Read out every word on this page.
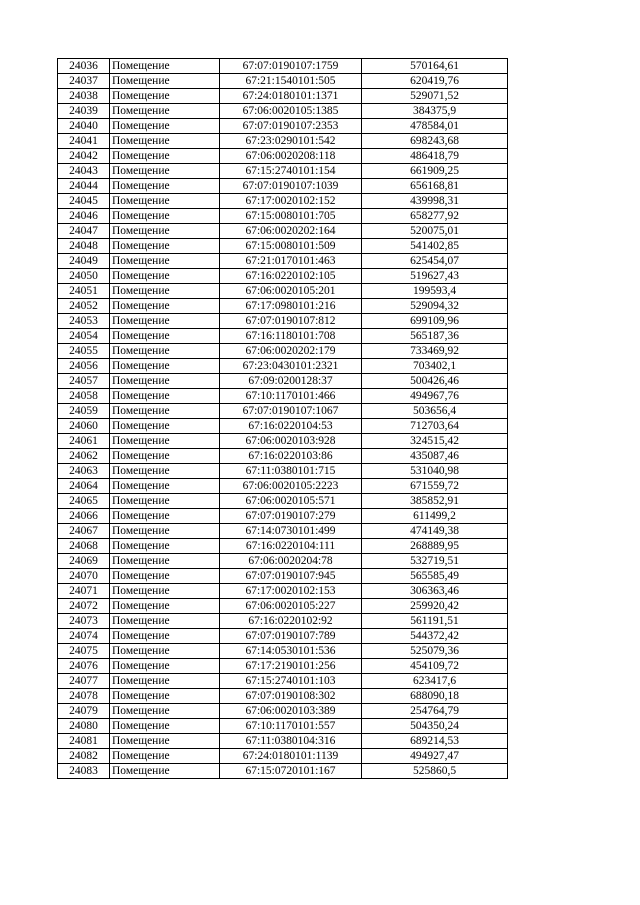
24036	Помещение	67:07:0190107:1759	570164,61
24037	Помещение	67:21:1540101:505	620419,76
24038	Помещение	67:24:0180101:1371	529071,52
24039	Помещение	67:06:0020105:1385	384375,9
24040	Помещение	67:07:0190107:2353	478584,01
24041	Помещение	67:23:0290101:542	698243,68
24042	Помещение	67:06:0020208:118	486418,79
24043	Помещение	67:15:2740101:154	661909,25
24044	Помещение	67:07:0190107:1039	656168,81
24045	Помещение	67:17:0020102:152	439998,31
24046	Помещение	67:15:0080101:705	658277,92
24047	Помещение	67:06:0020202:164	520075,01
24048	Помещение	67:15:0080101:509	541402,85
24049	Помещение	67:21:0170101:463	625454,07
24050	Помещение	67:16:0220102:105	519627,43
24051	Помещение	67:06:0020105:201	199593,4
24052	Помещение	67:17:0980101:216	529094,32
24053	Помещение	67:07:0190107:812	699109,96
24054	Помещение	67:16:1180101:708	565187,36
24055	Помещение	67:06:0020202:179	733469,92
24056	Помещение	67:23:0430101:2321	703402,1
24057	Помещение	67:09:0200128:37	500426,46
24058	Помещение	67:10:1170101:466	494967,76
24059	Помещение	67:07:0190107:1067	503656,4
24060	Помещение	67:16:0220104:53	712703,64
24061	Помещение	67:06:0020103:928	324515,42
24062	Помещение	67:16:0220103:86	435087,46
24063	Помещение	67:11:0380101:715	531040,98
24064	Помещение	67:06:0020105:2223	671559,72
24065	Помещение	67:06:0020105:571	385852,91
24066	Помещение	67:07:0190107:279	611499,2
24067	Помещение	67:14:0730101:499	474149,38
24068	Помещение	67:16:0220104:111	268889,95
24069	Помещение	67:06:0020204:78	532719,51
24070	Помещение	67:07:0190107:945	565585,49
24071	Помещение	67:17:0020102:153	306363,46
24072	Помещение	67:06:0020105:227	259920,42
24073	Помещение	67:16:0220102:92	561191,51
24074	Помещение	67:07:0190107:789	544372,42
24075	Помещение	67:14:0530101:536	525079,36
24076	Помещение	67:17:2190101:256	454109,72
24077	Помещение	67:15:2740101:103	623417,6
24078	Помещение	67:07:0190108:302	688090,18
24079	Помещение	67:06:0020103:389	254764,79
24080	Помещение	67:10:1170101:557	504350,24
24081	Помещение	67:11:0380104:316	689214,53
24082	Помещение	67:24:0180101:1139	494927,47
24083	Помещение	67:15:0720101:167	525860,5
